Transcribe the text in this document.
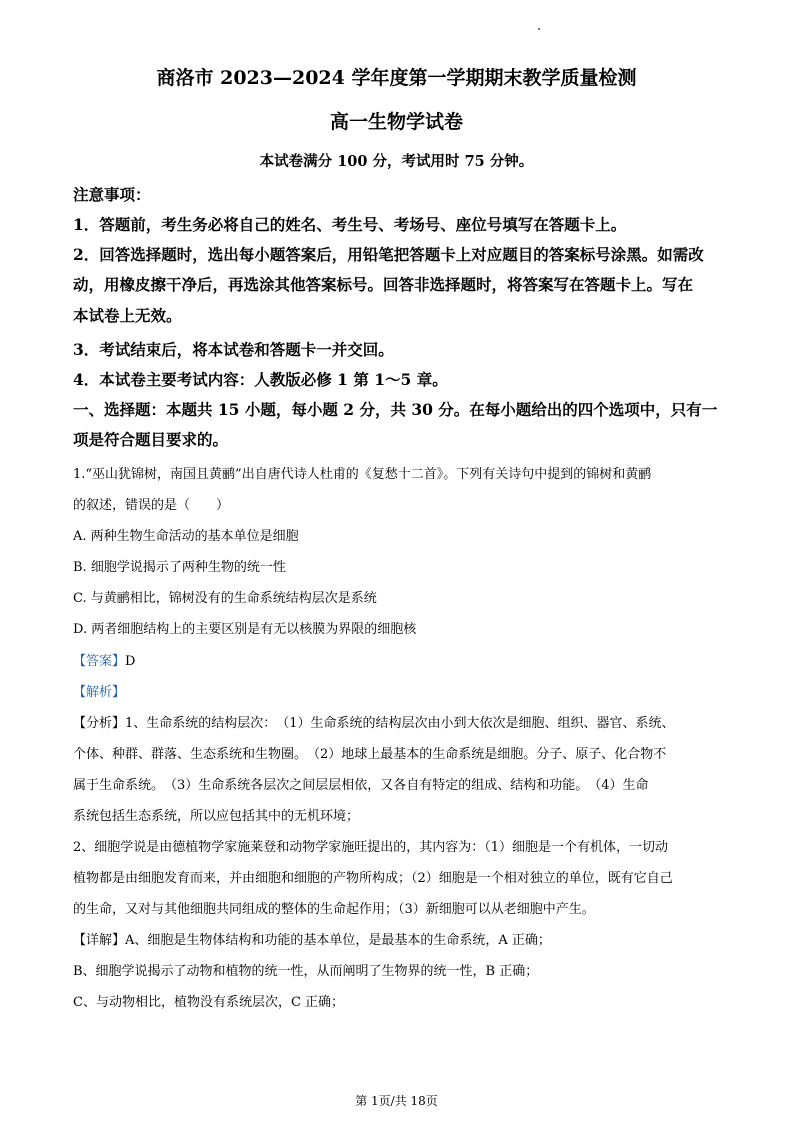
商洛市 2023—2024 学年度第一学期期末教学质量检测
高一生物学试卷
本试卷满分 100 分，考试用时 75 分钟。
注意事项：
1．答题前，考生务必将自己的姓名、考生号、考场号、座位号填写在答题卡上。
2．回答选择题时，选出每小题答案后，用铅笔把答题卡上对应题目的答案标号涂黑。如需改
动，用橡皮擦干净后，再选涂其他答案标号。回答非选择题时，将答案写在答题卡上。写在
本试卷上无效。
3．考试结束后，将本试卷和答题卡一并交回。
4．本试卷主要考试内容：人教版必修 1 第 1～5 章。
一、选择题：本题共 15 小题，每小题 2 分，共 30 分。在每小题给出的四个选项中，只有一
项是符合题目要求的。
1.“巫山犹锦树，南国且黄鹂”出自唐代诗人杜甫的《复愁十二首》。下列有关诗句中提到的锦树和黄鹂
的叙述，错误的是（　　）
A. 两种生物生命活动的基本单位是细胞
B. 细胞学说揭示了两种生物的统一性
C. 与黄鹂相比，锦树没有的生命系统结构层次是系统
D. 两者细胞结构上的主要区别是有无以核膜为界限的细胞核
【答案】D
【解析】
【分析】1、生命系统的结构层次：　（1）生命系统的结构层次由小到大依次是细胞、组织、器官、系统、
个体、种群、群落、生态系统和生物圈。　（2）地球上最基本的生命系统是细胞。分子、原子、化合物不
属于生命系统。　（3）生命系统各层次之间层层相依，又各自有特定的组成、结构和功能。　（4）生命
系统包括生态系统，所以应包括其中的无机环境；
2、细胞学说是由德植物学家施莱登和动物学家施旺提出的，其内容为：（1）细胞是一个有机体，一切动
植物都是由细胞发育而来，并由细胞和细胞的产物所构成；（2）细胞是一个相对独立的单位，既有它自己
的生命，又对与其他细胞共同组成的整体的生命起作用；（3）新细胞可以从老细胞中产生。
【详解】A、细胞是生物体结构和功能的基本单位，是最基本的生命系统，A 正确；
B、细胞学说揭示了动物和植物的统一性，从而阐明了生物界的统一性，B 正确；
C、与动物相比，植物没有系统层次，C 正确；
第 1页/共 18页
